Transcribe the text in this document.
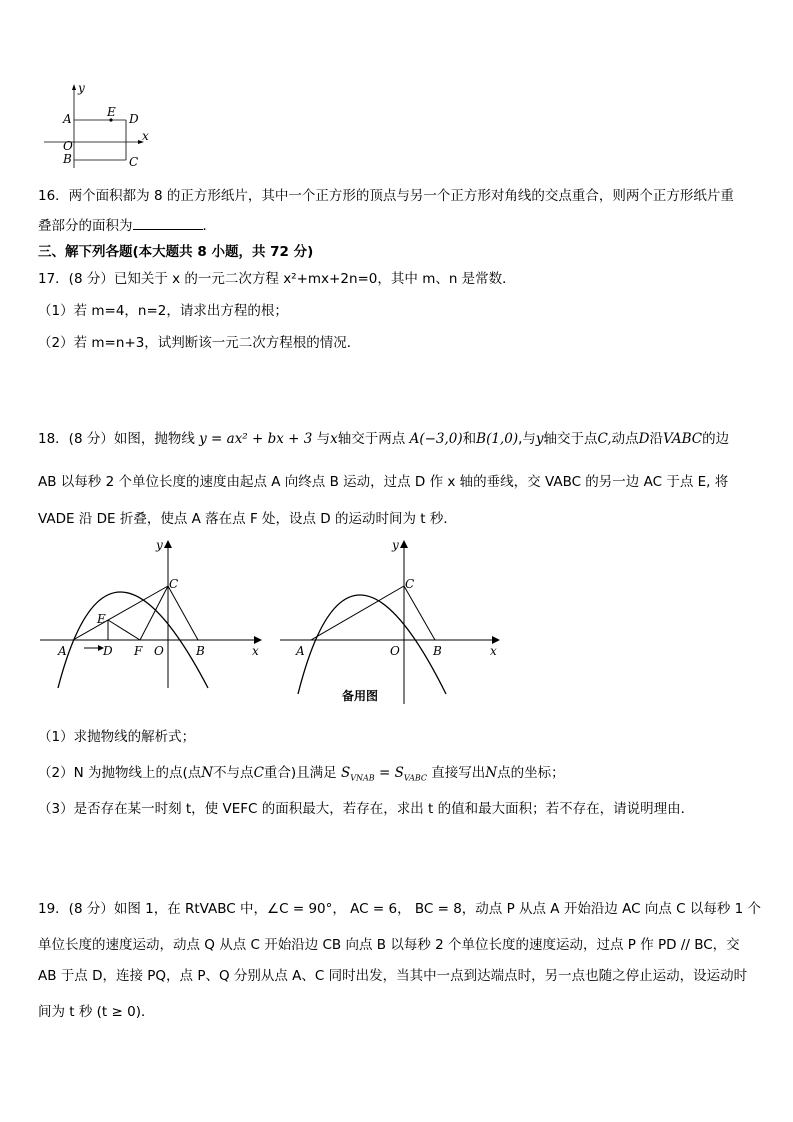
y
x
A	E D
O
B	C
16．两个面积都为 8 的正方形纸片，其中一个正方形的顶点与另一个正方形对角线的交点重合，则两个正方形纸片重
叠部分的面积为	．
三、解下列各题(本大题共 8 小题，共 72 分)
17．(8 分）已知关于 x 的一元二次方程 x²+mx+2n=0，其中 m、n 是常数．
（1）若 m=4，n=2，请求出方程的根；
（2）若 m=n+3，试判断该一元二次方程根的情况．
18．(8 分）如图，抛物线 y = ax² + bx + 3 与x轴交于两点 A(−3,0)和B(1,0),与y轴交于点C,动点D沿VABC的边
AB 以每秒 2 个单位长度的速度由起点 A 向终点 B 运动，过点 D 作 x 轴的垂线，交 VABC 的另一边 AC 于点 E, 将
VADE 沿 DE 折叠，使点 A 落在点 F 处，设点 D 的运动时间为 t 秒．
y
x
A	D F O	B
C
E
y
x
A	O	B
C
备用图
（1）求抛物线的解析式；
（2）N 为抛物线上的点(点N不与点C重合)且满足 $S_{VNAB} = S_{VABC}$ 直接写出N点的坐标；
（3）是否存在某一时刻 t，使 VEFC 的面积最大，若存在，求出 t 的值和最大面积；若不存在，请说明理由．
19．(8 分）如图 1，在 RtVABC 中，∠C = 90°， AC = 6， BC = 8，动点 P 从点 A 开始沿边 AC 向点 C 以每秒 1 个
单位长度的速度运动，动点 Q 从点 C 开始沿边 CB 向点 B 以每秒 2 个单位长度的速度运动，过点 P 作 PD // BC，交
AB 于点 D，连接 PQ，点 P、Q 分别从点 A、C 同时出发，当其中一点到达端点时，另一点也随之停止运动，设运动时
间为 t 秒 (t ≥ 0)．
